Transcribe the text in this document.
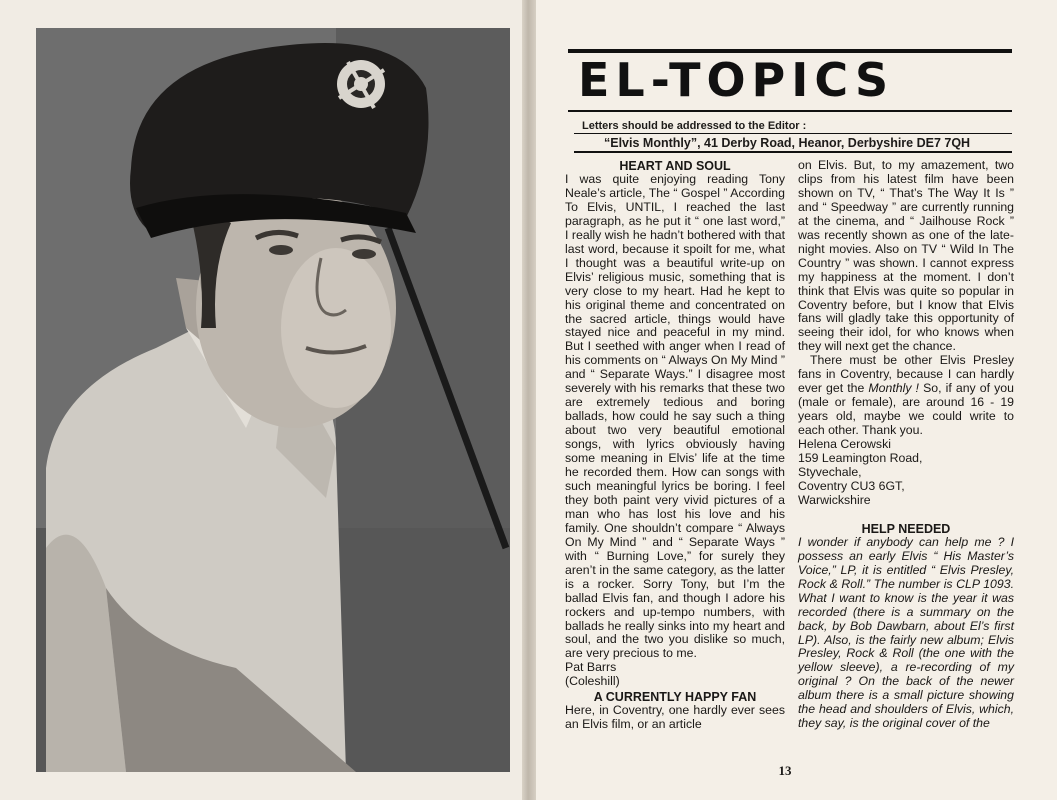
EL-TOPICS
Letters should be addressed to the Editor :
“Elvis Monthly”, 41 Derby Road, Heanor, Derbyshire DE7 7QH

HEART AND SOUL

I was quite enjoying reading Tony Neale’s article, The “ Gospel ” According To Elvis, UNTIL, I reached the last paragraph, as he put it “ one last word,” I really wish he hadn’t bothered with that last word, because it spoilt for me, what I thought was a beautiful write-up on Elvis’ religious music, something that is very close to my heart. Had he kept to his original theme and concentrated on the sacred article, things would have stayed nice and peaceful in my mind. But I seethed with anger when I read of his comments on “ Always On My Mind ” and “ Separate Ways.” I disagree most severely with his remarks that these two are extremely tedious and boring ballads, how could he say such a thing about two very beautiful emotional songs, with lyrics obviously having some meaning in Elvis’ life at the time he recorded them. How can songs with such meaningful lyrics be boring. I feel they both paint very vivid pictures of a man who has lost his love and his family. One shouldn’t compare “ Always On My Mind ” and “ Separate Ways ” with “ Burning Love,” for surely they aren’t in the same category, as the latter is a rocker. Sorry Tony, but I’m the ballad Elvis fan, and though I adore his rockers and up-tempo numbers, with ballads he really sinks into my heart and soul, and the two you dislike so much, are very precious to me.

Pat Barrs

(Coleshill)

A CURRENTLY HAPPY FAN

Here, in Coventry, one hardly ever sees an Elvis film, or an article

on Elvis. But, to my amazement, two clips from his latest film have been shown on TV, “ That’s The Way It Is ” and “ Speedway ” are currently running at the cinema, and “ Jailhouse Rock ” was recently shown as one of the late-night movies. Also on TV “ Wild In The Country ” was shown. I cannot express my happiness at the moment. I don’t think that Elvis was quite so popular in Coventry before, but I know that Elvis fans will gladly take this opportunity of seeing their idol, for who knows when they will next get the chance.

There must be other Elvis Presley fans in Coventry, because I can hardly ever get the Monthly ! So, if any of you (male or female), are around 16 - 19 years old, maybe we could write to each other. Thank you.

Helena Cerowski

159 Leamington Road,

Styvechale,

Coventry CU3 6GT,

Warwickshire

HELP NEEDED

I wonder if anybody can help me ? I possess an early Elvis “ His Master’s Voice,” LP, it is entitled “ Elvis Presley, Rock & Roll.” The number is CLP 1093. What I want to know is the year it was recorded (there is a summary on the back, by Bob Dawbarn, about El’s first LP). Also, is the fairly new album; Elvis Presley, Rock & Roll (the one with the yellow sleeve), a re-recording of my original ? On the back of the newer album there is a small picture showing the head and shoulders of Elvis, which, they say, is the original cover of the

13
